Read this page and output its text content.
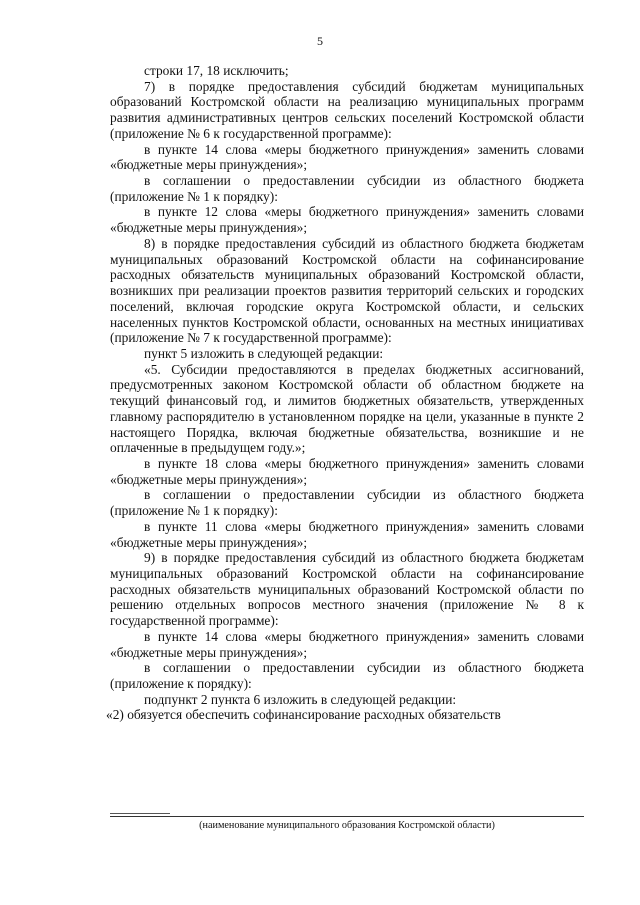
5

строки 17, 18 исключить;

7) в порядке предоставления субсидий бюджетам муниципальных образований Костромской области на реализацию муниципальных программ развития административных центров сельских поселений Костромской области (приложение № 6 к государственной программе):

в пункте 14 слова «меры бюджетного принуждения» заменить словами «бюджетные меры принуждения»;

в соглашении о предоставлении субсидии из областного бюджета (приложение № 1 к порядку):

в пункте 12 слова «меры бюджетного принуждения» заменить словами «бюджетные меры принуждения»;

8) в порядке предоставления субсидий из областного бюджета бюджетам муниципальных образований Костромской области на софинансирование расходных обязательств муниципальных образований Костромской области, возникших при реализации проектов развития территорий сельских и городских поселений, включая городские округа Костромской области, и сельских населенных пунктов Костромской области, основанных на местных инициативах (приложение № 7 к государственной программе):

пункт 5 изложить в следующей редакции:

«5. Субсидии предоставляются в пределах бюджетных ассигнований, предусмотренных законом Костромской области об областном бюджете на текущий финансовый год, и лимитов бюджетных обязательств, утвержденных главному распорядителю в установленном порядке на цели, указанные в пункте 2 настоящего Порядка, включая бюджетные обязательства, возникшие и не оплаченные в предыдущем году.»;

в пункте 18 слова «меры бюджетного принуждения» заменить словами «бюджетные меры принуждения»;

в соглашении о предоставлении субсидии из областного бюджета (приложение № 1 к порядку):

в пункте 11 слова «меры бюджетного принуждения» заменить словами «бюджетные меры принуждения»;

9) в порядке предоставления субсидий из областного бюджета бюджетам муниципальных образований Костромской области на софинансирование расходных обязательств муниципальных образований Костромской области по решению отдельных вопросов местного значения (приложение № 8 к государственной программе):

в пункте 14 слова «меры бюджетного принуждения» заменить словами «бюджетные меры принуждения»;

в соглашении о предоставлении субсидии из областного бюджета (приложение к порядку):

подпункт 2 пункта 6 изложить в следующей редакции:

«2) обязуется обеспечить софинансирование расходных обязательств

(наименование муниципального образования Костромской области)
